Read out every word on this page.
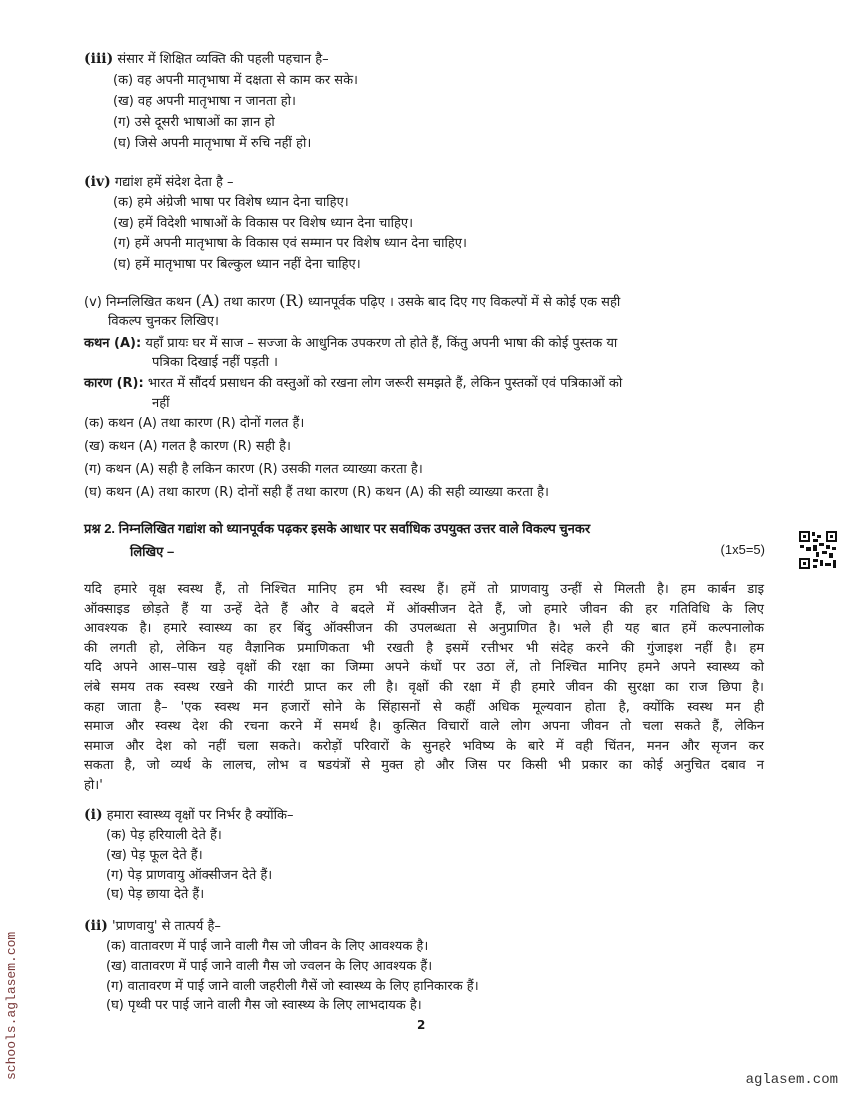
(iii) संसार में शिक्षित व्यक्ति की पहली पहचान है–
(क) वह अपनी मातृभाषा में दक्षता से काम कर सके।
(ख) वह अपनी मातृभाषा न जानता हो।
(ग) उसे दूसरी भाषाओं का ज्ञान हो
(घ) जिसे अपनी मातृभाषा में रुचि नहीं हो।
(iv) गद्यांश हमें संदेश देता है –
(क) हमे अंग्रेजी भाषा पर विशेष ध्यान देना चाहिए।
(ख) हमें विदेशी भाषाओं के विकास पर विशेष ध्यान देना चाहिए।
(ग) हमें अपनी मातृभाषा के विकास एवं सम्मान पर विशेष ध्यान देना चाहिए।
(घ) हमें मातृभाषा पर बिल्कुल ध्यान नहीं देना चाहिए।
(v) निम्नलिखित कथन (A) तथा कारण (R) ध्यानपूर्वक पढ़िए । उसके बाद दिए गए विकल्पों में से कोई एक सही
विकल्प चुनकर लिखिए।
कथन (A): यहाँ प्रायः घर में साज – सज्जा के आधुनिक उपकरण तो होते हैं, किंतु अपनी भाषा की कोई पुस्तक या
पत्रिका दिखाई नहीं पड़ती ।
कारण (R): भारत में सौंदर्य प्रसाधन की वस्तुओं को रखना लोग जरूरी समझते हैं, लेकिन पुस्तकों एवं पत्रिकाओं को
नहीं
(क) कथन (A) तथा कारण (R) दोनों गलत हैं।
(ख) कथन (A) गलत है कारण (R) सही है।
(ग) कथन (A) सही है लकिन कारण (R) उसकी गलत व्याख्या करता है।
(घ) कथन (A) तथा कारण (R) दोनों सही हैं तथा कारण (R) कथन (A) की सही व्याख्या करता है।
प्रश्न 2. निम्नलिखित गद्यांश को ध्यानपूर्वक पढ़कर इसके आधार पर सर्वाधिक उपयुक्त उत्तर वाले विकल्प चुनकर
लिखिए –	(1x5=5)
यदि हमारे वृक्ष स्वस्थ हैं, तो निश्चित मानिए हम भी स्वस्थ हैं। हमें तो प्राणवायु उन्हीं से मिलती है। हम कार्बन डाइ
ऑक्साइड छोड़ते हैं या उन्हें देते हैं और वे बदले में ऑक्सीजन देते हैं, जो हमारे जीवन की हर गतिविधि के लिए
आवश्यक है। हमारे स्वास्थ्य का हर बिंदु ऑक्सीजन की उपलब्धता से अनुप्राणित है। भले ही यह बात हमें कल्पनालोक
की लगती हो, लेकिन यह वैज्ञानिक प्रमाणिकता भी रखती है इसमें रत्तीभर भी संदेह करने की गुंजाइश नहीं है। हम
यदि अपने आस–पास खड़े वृक्षों की रक्षा का जिम्मा अपने कंधों पर उठा लें, तो निश्चित मानिए हमने अपने स्वास्थ्य को
लंबे समय तक स्वस्थ रखने की गारंटी प्राप्त कर ली है। वृक्षों की रक्षा में ही हमारे जीवन की सुरक्षा का राज छिपा है।
कहा जाता है– 'एक स्वस्थ मन हजारों सोने के सिंहासनों से कहीं अधिक मूल्यवान होता है, क्योंकि स्वस्थ मन ही
समाज और स्वस्थ देश की रचना करने में समर्थ है। कुत्सित विचारों वाले लोग अपना जीवन तो चला सकते हैं, लेकिन
समाज और देश को नहीं चला सकते। करोड़ों परिवारों के सुनहरे भविष्य के बारे में वही चिंतन, मनन और सृजन कर
सकता है, जो व्यर्थ के लालच, लोभ व षडयंत्रों से मुक्त हो और जिस पर किसी भी प्रकार का कोई अनुचित दबाव न
हो।'
(i) हमारा स्वास्थ्य वृक्षों पर निर्भर है क्योंकि–
(क) पेड़ हरियाली देते हैं।
(ख) पेड़ फूल देते हैं।
(ग) पेड़ प्राणवायु ऑक्सीजन देते हैं।
(घ) पेड़ छाया देते हैं।
(ii) 'प्राणवायु' से तात्पर्य है–
(क) वातावरण में पाई जाने वाली गैस जो जीवन के लिए आवश्यक है।
(ख) वातावरण में पाई जाने वाली गैस जो ज्वलन के लिए आवश्यक हैं।
(ग) वातावरण में पाई जाने वाली जहरीली गैसें जो स्वास्थ्य के लिए हानिकारक हैं।
(घ) पृथ्वी पर पाई जाने वाली गैस जो स्वास्थ्य के लिए लाभदायक है।
2
aglasem.com
schools.aglasem.com
